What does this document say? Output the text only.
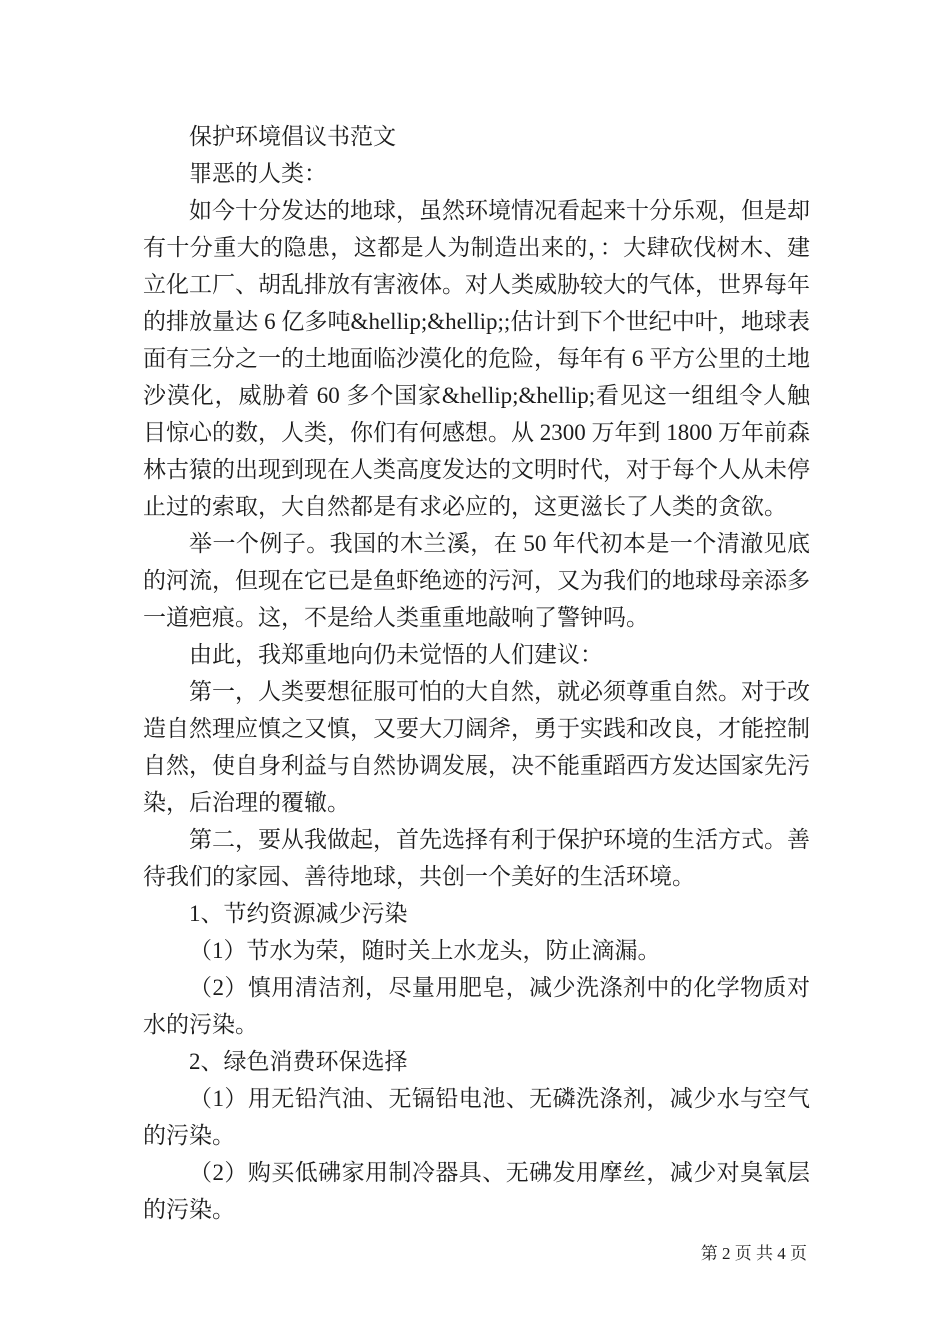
保护环境倡议书范文

罪恶的人类：

如今十分发达的地球，虽然环境情况看起来十分乐观，但是却有十分重大的隐患，这都是人为制造出来的，：大肆砍伐树木、建立化工厂、胡乱排放有害液体。对人类威胁较大的气体，世界每年的排放量达 6 亿多吨&hellip;&hellip;;估计到下个世纪中叶，地球表面有三分之一的土地面临沙漠化的危险，每年有 6 平方公里的土地沙漠化，威胁着 60 多个国家&hellip;&hellip;看见这一组组令人触目惊心的数，人类，你们有何感想。从 2300 万年到 1800 万年前森林古猿的出现到现在人类高度发达的文明时代，对于每个人从未停止过的索取，大自然都是有求必应的，这更滋长了人类的贪欲。

举一个例子。我国的木兰溪，在 50 年代初本是一个清澈见底的河流，但现在它已是鱼虾绝迹的污河，又为我们的地球母亲添多一道疤痕。这，不是给人类重重地敲响了警钟吗。

由此，我郑重地向仍未觉悟的人们建议：

第一，人类要想征服可怕的大自然，就必须尊重自然。对于改造自然理应慎之又慎，又要大刀阔斧，勇于实践和改良，才能控制自然，使自身利益与自然协调发展，决不能重蹈西方发达国家先污染，后治理的覆辙。

第二，要从我做起，首先选择有利于保护环境的生活方式。善待我们的家园、善待地球，共创一个美好的生活环境。

1、节约资源减少污染

（1）节水为荣，随时关上水龙头，防止滴漏。

（2）慎用清洁剂，尽量用肥皂，减少洗涤剂中的化学物质对水的污染。

2、绿色消费环保选择

（1）用无铅汽油、无镉铅电池、无磷洗涤剂，减少水与空气的污染。

（2）购买低砩家用制冷器具、无砩发用摩丝，减少对臭氧层的污染。

第 2 页 共 4 页
